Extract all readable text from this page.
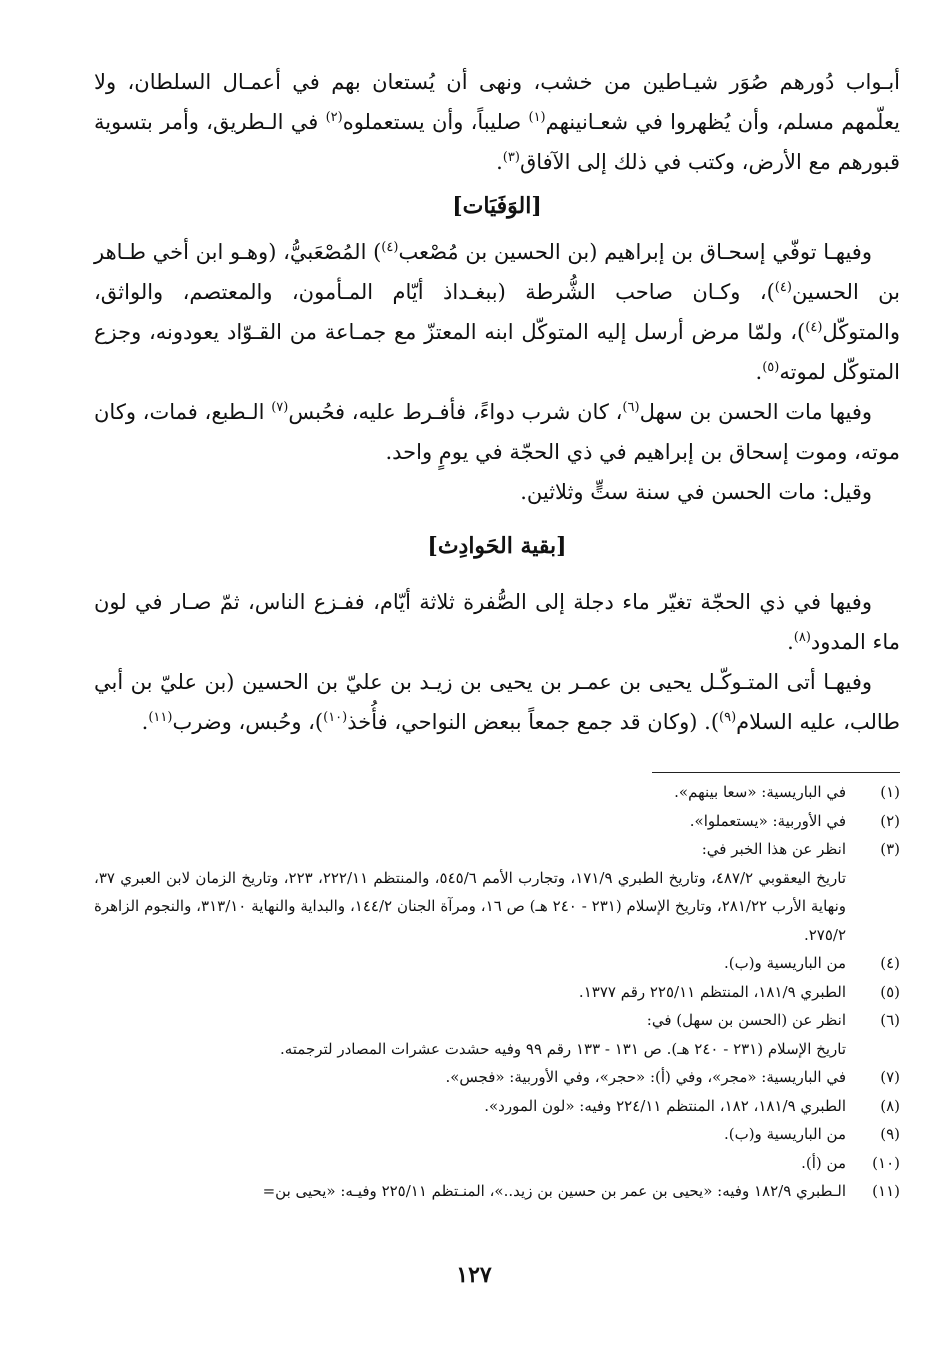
أبـواب دُورهم صُوَر شيـاطين من خشب، ونهى أن يُستعان بهم في أعمـال السلطان، ولا يعلّمهم مسلم، وأن يُظهروا في شعـانينهم$^{(١)}$ صليباً، وأن يستعملوه$^{(٢)}$ في الـطريق، وأمر بتسوية قبورهم مع الأرض، وكتب في ذلك إلى الآفاق$^{(٣)}$.

[الوَفَيَات]

وفيهـا توفّي إسحـاق بن إبراهيم (بن الحسين بن مُصْعب$^{(٤)}$) المُصْعَبيُّ، (وهـو ابن أخي طـاهر بن الحسين$^{(٤)}$)، وكـان صاحب الشُّرطة (ببغـداذ أيّام المـأمون، والمعتصم، والواثق، والمتوكّل$^{(٤)}$)، ولمّا مرض أرسل إليه المتوكّل ابنه المعتزّ مع جمـاعة من القـوّاد يعودونه، وجزع المتوكّل لموته$^{(٥)}$.

وفيها مات الحسن بن سهل$^{(٦)}$، كان شرب دواءً، فأفـرط عليه، فحُبس$^{(٧)}$ الـطبع، فمات، وكان موته، وموت إسحاق بن إبراهيم في ذي الحجّة في يومٍ واحد.

وقيل: مات الحسن في سنة ستٍّ وثلاثين.

[بقية الحَوادِث]

وفيها في ذي الحجّة تغيّر ماء دجلة إلى الصُّفرة ثلاثة أيّام، ففـزع الناس، ثمّ صـار في لون ماء المدود$^{(٨)}$.

وفيهـا أتى المتـوكّـل يحيى بن عمـر بن يحيى بن زيـد بن عليّ بن الحسين (بن عليّ بن أبي طالب، عليه السلام$^{(٩)}$). (وكان قد جمع جمعاً ببعض النواحي، فأُخذ$^{(١٠)}$)، وحُبس، وضرب$^{(١١)}$.

(١)
في الباريسية: «سعا بينهم».
(٢)
في الأوربية: «يستعملوا».
(٣)
انظر عن هذا الخبر في:
تاريخ اليعقوبي ٤٨٧/٢، وتاريخ الطبري ١٧١/٩، وتجارب الأمم ٥٤٥/٦، والمنتظم ٢٢٢/١١، ٢٢٣، وتاريخ الزمان لابن العبري ٣٧، ونهاية الأرب ٢٨١/٢٢، وتاريخ الإسلام (٢٣١ - ٢٤٠ هـ) ص ١٦، ومرآة الجنان ١٤٤/٢، والبداية والنهاية ٣١٣/١٠، والنجوم الزاهرة ٢٧٥/٢.
(٤)
من الباريسية و(ب).
(٥)
الطبري ١٨١/٩، المنتظم ٢٢٥/١١ رقم ١٣٧٧.
(٦)
انظر عن (الحسن بن سهل) في:
تاريخ الإسلام (٢٣١ - ٢٤٠ هـ). ص ١٣١ - ١٣٣ رقم ٩٩ وفيه حشدت عشرات المصادر لترجمته.
(٧)
في الباريسية: «مجر»، وفي (أ): «حجر»، وفي الأوربية: «فجس».
(٨)
الطبري ١٨١/٩، ١٨٢، المنتظم ٢٢٤/١١ وفيه: «لون المورد».
(٩)
من الباريسية و(ب).
(١٠)
من (أ).
(١١)
الـطبري ١٨٢/٩ وفيه: «يحيى بن عمر بن حسين بن زيد..»، المنـتظم ٢٢٥/١١ وفيـه: «يحيى بن=
١٢٧
